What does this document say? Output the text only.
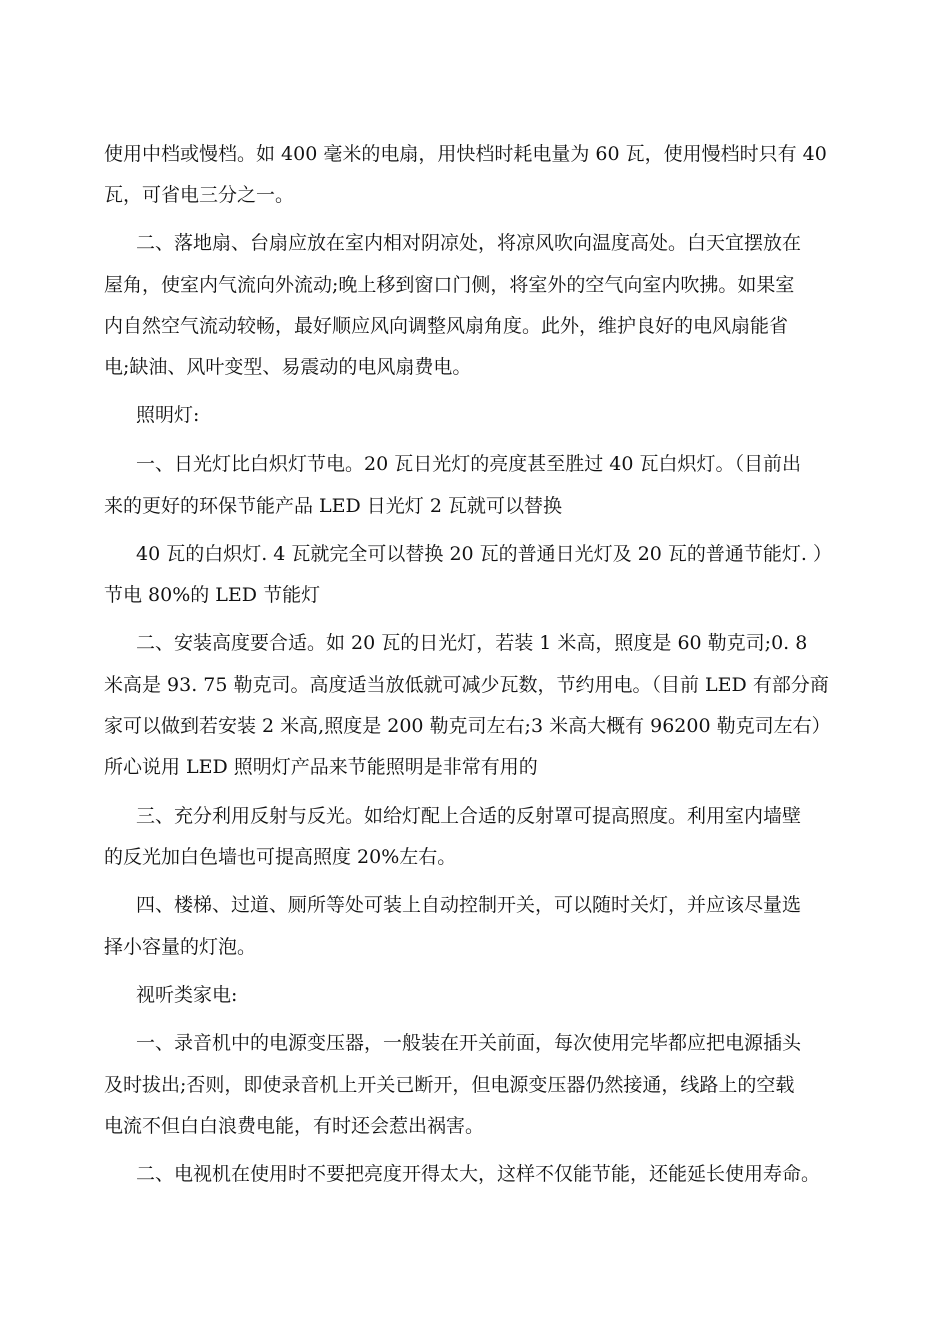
使用中档或慢档。如 400 毫米的电扇，用快档时耗电量为 60 瓦，使用慢档时只有 40
瓦，可省电三分之一。
二、落地扇、台扇应放在室内相对阴凉处，将凉风吹向温度高处。白天宜摆放在
屋角，使室内气流向外流动;晚上移到窗口门侧，将室外的空气向室内吹拂。如果室
内自然空气流动较畅，最好顺应风向调整风扇角度。此外，维护良好的电风扇能省
电;缺油、风叶变型、易震动的电风扇费电。
照明灯:
一、日光灯比白炽灯节电。20 瓦日光灯的亮度甚至胜过 40 瓦白炽灯。（目前出
来的更好的环保节能产品 LED 日光灯 2 瓦就可以替换
40 瓦的白炽灯. 4 瓦就完全可以替换 20 瓦的普通日光灯及 20 瓦的普通节能灯. ）
节电 80%的 LED 节能灯
二、安装高度要合适。如 20 瓦的日光灯，若装 1 米高，照度是 60 勒克司;0. 8
米高是 93. 75 勒克司。高度适当放低就可减少瓦数，节约用电。（目前 LED 有部分商
家可以做到若安装 2 米高,照度是 200 勒克司左右;3 米高大概有 96200 勒克司左右）
所心说用 LED 照明灯产品来节能照明是非常有用的
三、充分利用反射与反光。如给灯配上合适的反射罩可提高照度。利用室内墙壁
的反光加白色墙也可提高照度 20%左右。
四、楼梯、过道、厕所等处可装上自动控制开关，可以随时关灯，并应该尽量选
择小容量的灯泡。
视听类家电:
一、录音机中的电源变压器，一般装在开关前面，每次使用完毕都应把电源插头
及时拔出;否则，即使录音机上开关已断开，但电源变压器仍然接通，线路上的空载
电流不但白白浪费电能，有时还会惹出祸害。
二、电视机在使用时不要把亮度开得太大，这样不仅能节能，还能延长使用寿命。
